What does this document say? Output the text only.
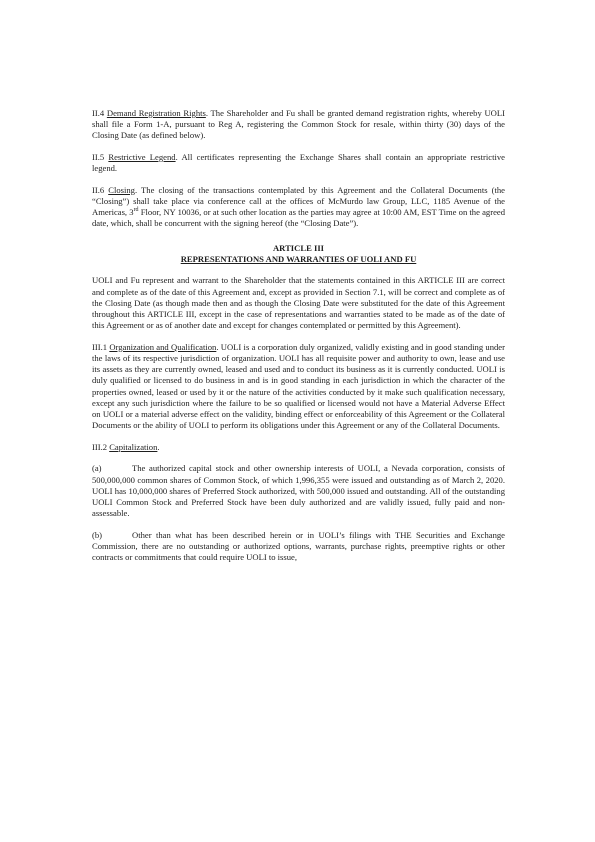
II.4 Demand Registration Rights. The Shareholder and Fu shall be granted demand registration rights, whereby UOLI shall file a Form 1-A, pursuant to Reg A, registering the Common Stock for resale, within thirty (30) days of the Closing Date (as defined below).

II.5 Restrictive Legend. All certificates representing the Exchange Shares shall contain an appropriate restrictive legend.

II.6 Closing. The closing of the transactions contemplated by this Agreement and the Collateral Documents (the “Closing”) shall take place via conference call at the offices of McMurdo law Group, LLC, 1185 Avenue of the Americas, 3rd Floor, NY 10036, or at such other location as the parties may agree at 10:00 AM, EST Time on the agreed date, which, shall be concurrent with the signing hereof (the “Closing Date”).

ARTICLE III
REPRESENTATIONS AND WARRANTIES OF UOLI AND FU

UOLI and Fu represent and warrant to the Shareholder that the statements contained in this ARTICLE III are correct and complete as of the date of this Agreement and, except as provided in Section 7.1, will be correct and complete as of the Closing Date (as though made then and as though the Closing Date were substituted for the date of this Agreement throughout this ARTICLE III, except in the case of representations and warranties stated to be made as of the date of this Agreement or as of another date and except for changes contemplated or permitted by this Agreement).

III.1 Organization and Qualification. UOLI is a corporation duly organized, validly existing and in good standing under the laws of its respective jurisdiction of organization. UOLI has all requisite power and authority to own, lease and use its assets as they are currently owned, leased and used and to conduct its business as it is currently conducted. UOLI is duly qualified or licensed to do business in and is in good standing in each jurisdiction in which the character of the properties owned, leased or used by it or the nature of the activities conducted by it make such qualification necessary, except any such jurisdiction where the failure to be so qualified or licensed would not have a Material Adverse Effect on UOLI or a material adverse effect on the validity, binding effect or enforceability of this Agreement or the Collateral Documents or the ability of UOLI to perform its obligations under this Agreement or any of the Collateral Documents.

III.2 Capitalization.

(a)	The authorized capital stock and other ownership interests of UOLI, a Nevada corporation, consists of 500,000,000 common shares of Common Stock, of which 1,996,355 were issued and outstanding as of March 2, 2020. UOLI has 10,000,000 shares of Preferred Stock authorized, with 500,000 issued and outstanding. All of the outstanding UOLI Common Stock and Preferred Stock have been duly authorized and are validly issued, fully paid and non-assessable.

(b)	Other than what has been described herein or in UOLI’s filings with THE Securities and Exchange Commission, there are no outstanding or authorized options, warrants, purchase rights, preemptive rights or other contracts or commitments that could require UOLI to issue,
